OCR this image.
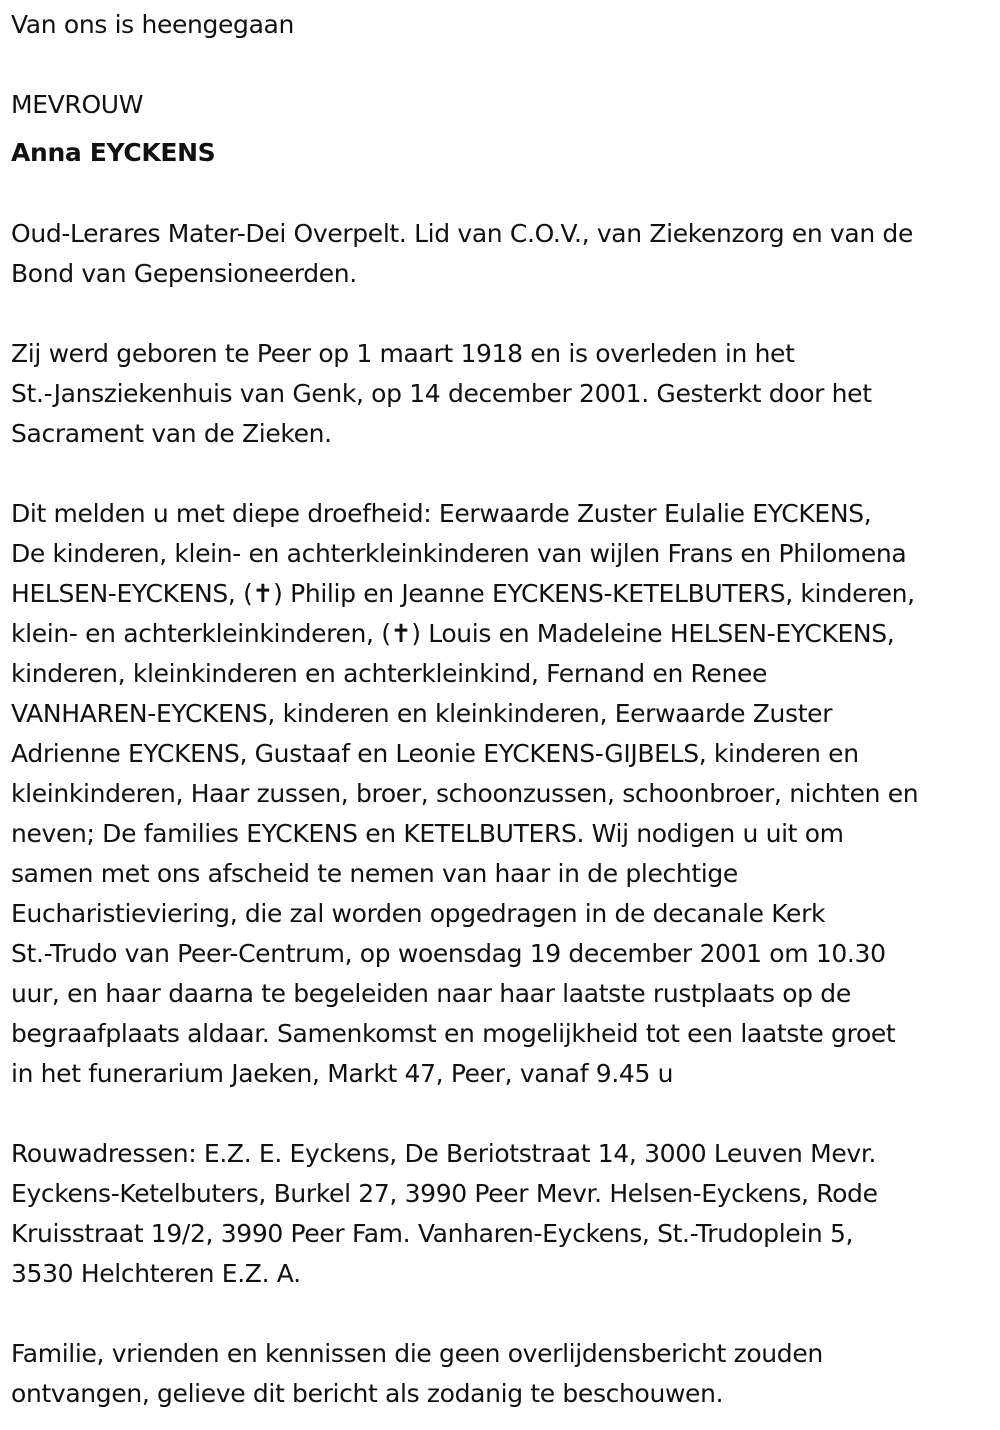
Van ons is heengegaan
MEVROUW
Anna EYCKENS
Oud-Lerares Mater-Dei Overpelt. Lid van C.O.V., van Ziekenzorg en van de
Bond van Gepensioneerden.
Zij werd geboren te Peer op 1 maart 1918 en is overleden in het
St.-Jansziekenhuis van Genk, op 14 december 2001. Gesterkt door het
Sacrament van de Zieken.
Dit melden u met diepe droefheid: Eerwaarde Zuster Eulalie EYCKENS,
De kinderen, klein- en achterkleinkinderen van wijlen Frans en Philomena
HELSEN-EYCKENS, (✝) Philip en Jeanne EYCKENS-KETELBUTERS, kinderen,
klein- en achterkleinkinderen, (✝) Louis en Madeleine HELSEN-EYCKENS,
kinderen, kleinkinderen en achterkleinkind, Fernand en Renee
VANHAREN-EYCKENS, kinderen en kleinkinderen, Eerwaarde Zuster
Adrienne EYCKENS, Gustaaf en Leonie EYCKENS-GIJBELS, kinderen en
kleinkinderen, Haar zussen, broer, schoonzussen, schoonbroer, nichten en
neven; De families EYCKENS en KETELBUTERS. Wij nodigen u uit om
samen met ons afscheid te nemen van haar in de plechtige
Eucharistieviering, die zal worden opgedragen in de decanale Kerk
St.-Trudo van Peer-Centrum, op woensdag 19 december 2001 om 10.30
uur, en haar daarna te begeleiden naar haar laatste rustplaats op de
begraafplaats aldaar. Samenkomst en mogelijkheid tot een laatste groet
in het funerarium Jaeken, Markt 47, Peer, vanaf 9.45 u
Rouwadressen: E.Z. E. Eyckens, De Beriotstraat 14, 3000 Leuven Mevr.
Eyckens-Ketelbuters, Burkel 27, 3990 Peer Mevr. Helsen-Eyckens, Rode
Kruisstraat 19/2, 3990 Peer Fam. Vanharen-Eyckens, St.-Trudoplein 5,
3530 Helchteren E.Z. A.
Familie, vrienden en kennissen die geen overlijdensbericht zouden
ontvangen, gelieve dit bericht als zodanig te beschouwen.
